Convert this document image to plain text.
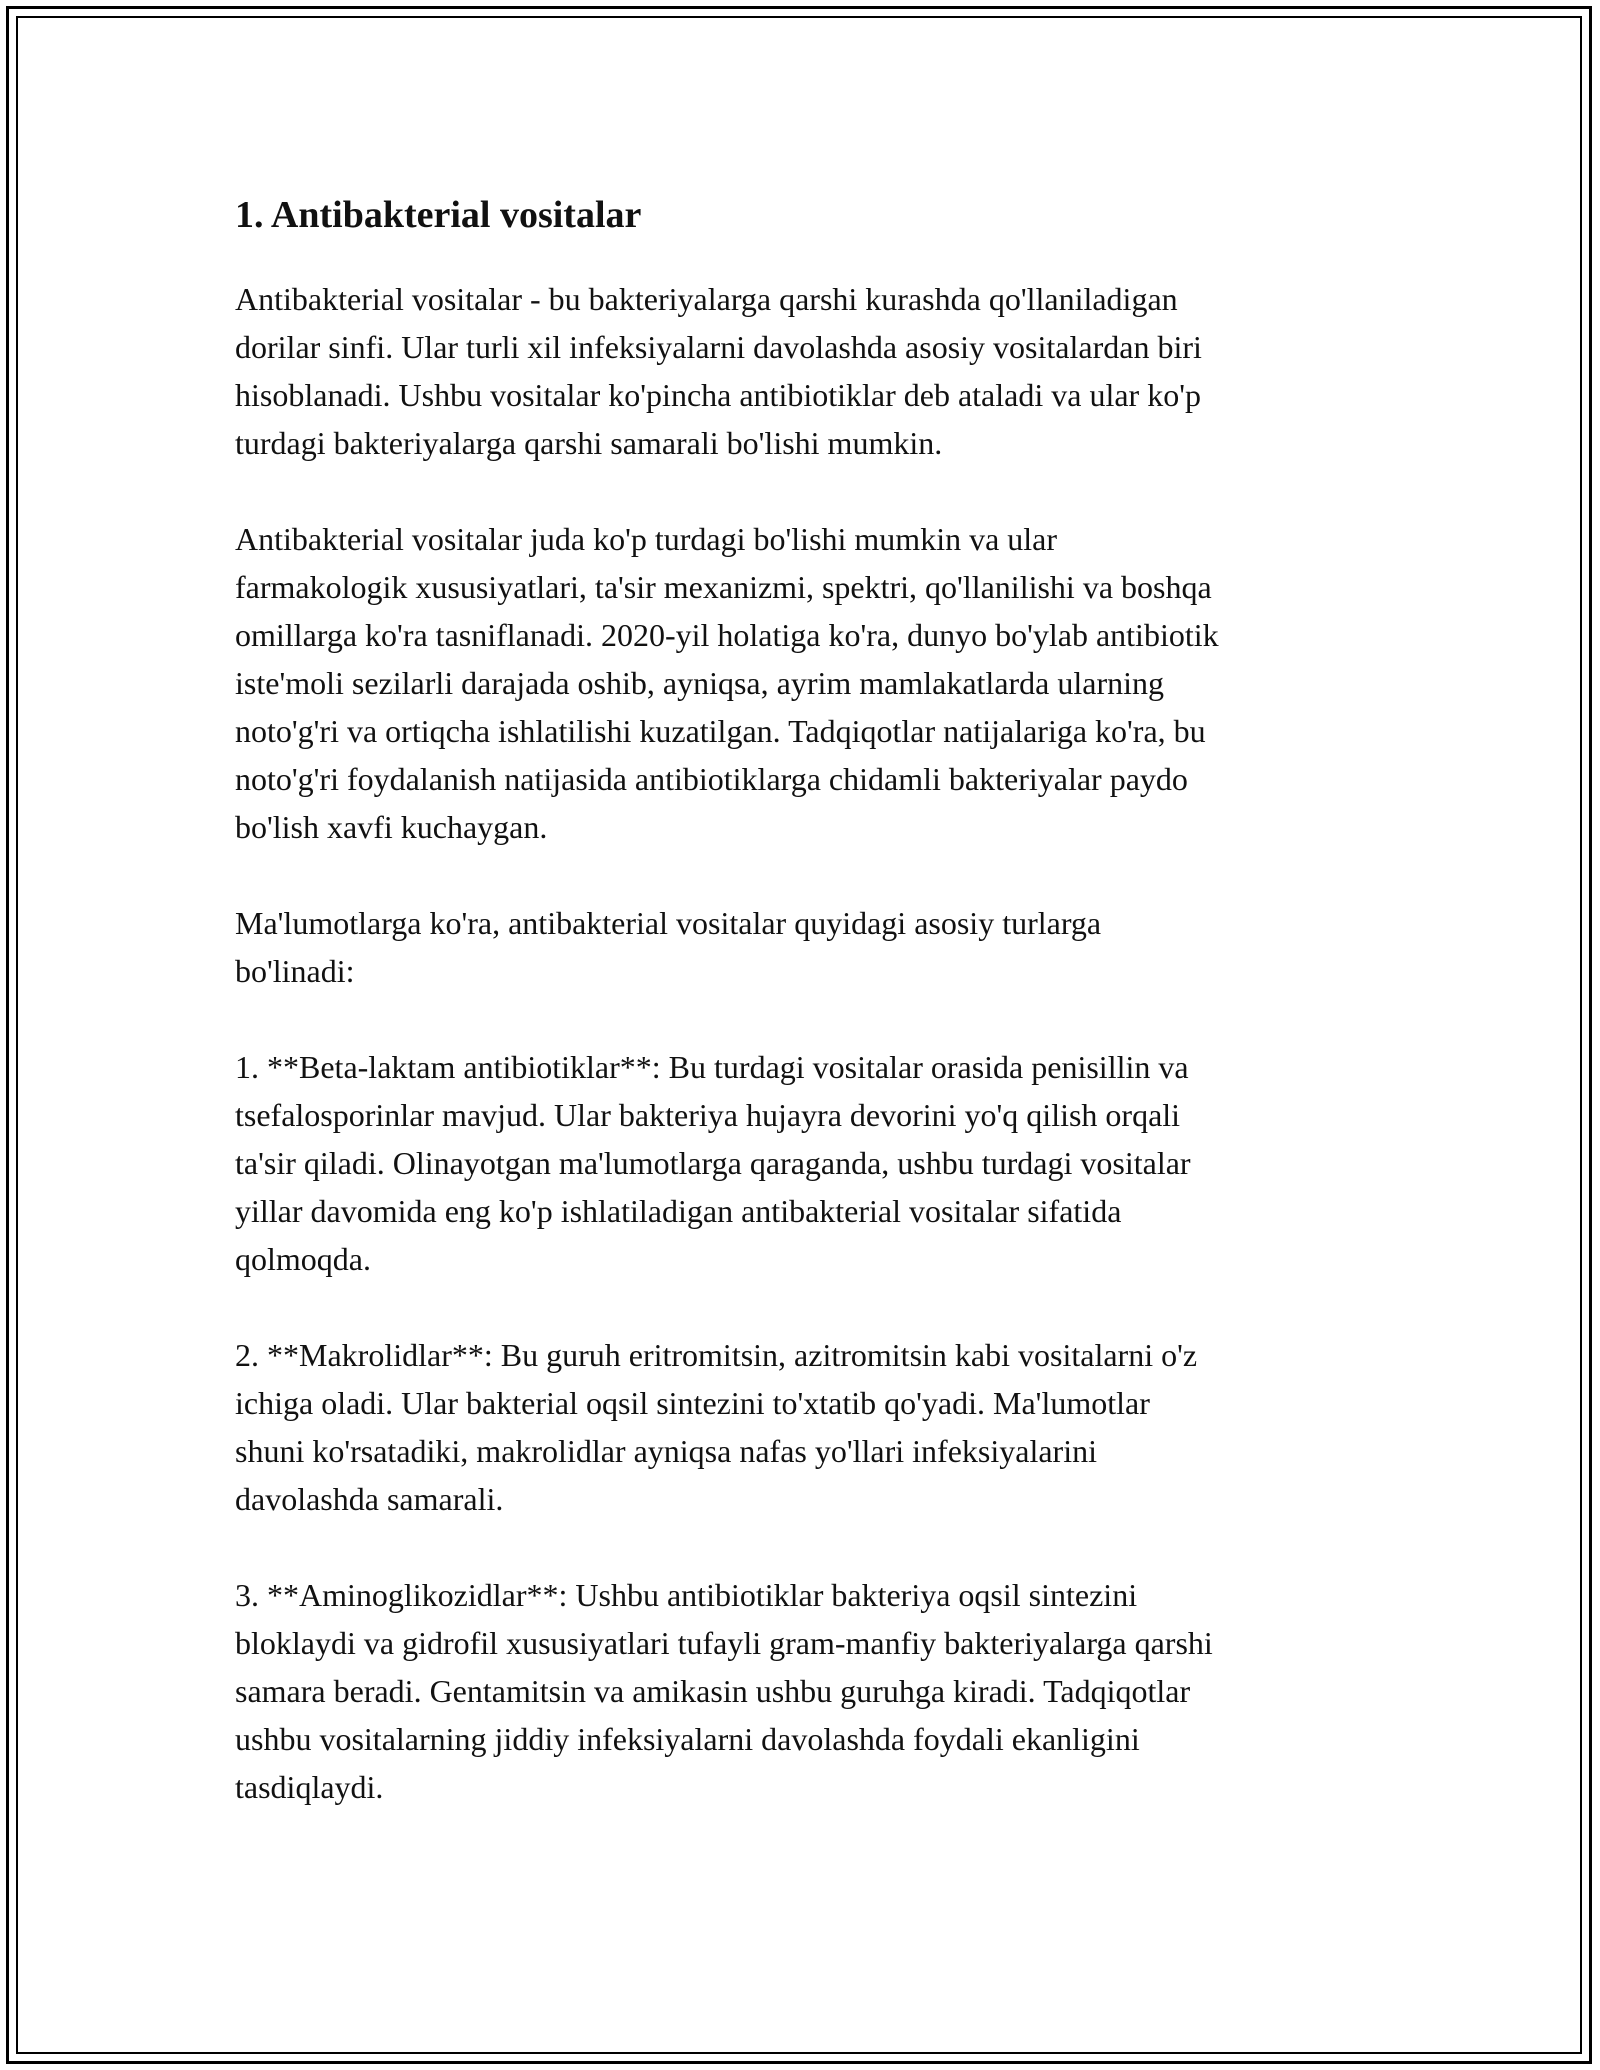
1. Antibakterial vositalar

Antibakterial vositalar - bu bakteriyalarga qarshi kurashda qo'llaniladigan
dorilar sinfi. Ular turli xil infeksiyalarni davolashda asosiy vositalardan biri
hisoblanadi. Ushbu vositalar ko'pincha antibiotiklar deb ataladi va ular ko'p
turdagi bakteriyalarga qarshi samarali bo'lishi mumkin.

Antibakterial vositalar juda ko'p turdagi bo'lishi mumkin va ular
farmakologik xususiyatlari, ta'sir mexanizmi, spektri, qo'llanilishi va boshqa
omillarga ko'ra tasniflanadi. 2020-yil holatiga ko'ra, dunyo bo'ylab antibiotik
iste'moli sezilarli darajada oshib, ayniqsa, ayrim mamlakatlarda ularning
noto'g'ri va ortiqcha ishlatilishi kuzatilgan. Tadqiqotlar natijalariga ko'ra, bu
noto'g'ri foydalanish natijasida antibiotiklarga chidamli bakteriyalar paydo
bo'lish xavfi kuchaygan.

Ma'lumotlarga ko'ra, antibakterial vositalar quyidagi asosiy turlarga
bo'linadi:

1. **Beta-laktam antibiotiklar**: Bu turdagi vositalar orasida penisillin va
tsefalosporinlar mavjud. Ular bakteriya hujayra devorini yo'q qilish orqali
ta'sir qiladi. Olinayotgan ma'lumotlarga qaraganda, ushbu turdagi vositalar
yillar davomida eng ko'p ishlatiladigan antibakterial vositalar sifatida
qolmoqda.

2. **Makrolidlar**: Bu guruh eritromitsin, azitromitsin kabi vositalarni o'z
ichiga oladi. Ular bakterial oqsil sintezini to'xtatib qo'yadi. Ma'lumotlar
shuni ko'rsatadiki, makrolidlar ayniqsa nafas yo'llari infeksiyalarini
davolashda samarali.

3. **Aminoglikozidlar**: Ushbu antibiotiklar bakteriya oqsil sintezini
bloklaydi va gidrofil xususiyatlari tufayli gram-manfiy bakteriyalarga qarshi
samara beradi. Gentamitsin va amikasin ushbu guruhga kiradi. Tadqiqotlar
ushbu vositalarning jiddiy infeksiyalarni davolashda foydali ekanligini
tasdiqlaydi.
